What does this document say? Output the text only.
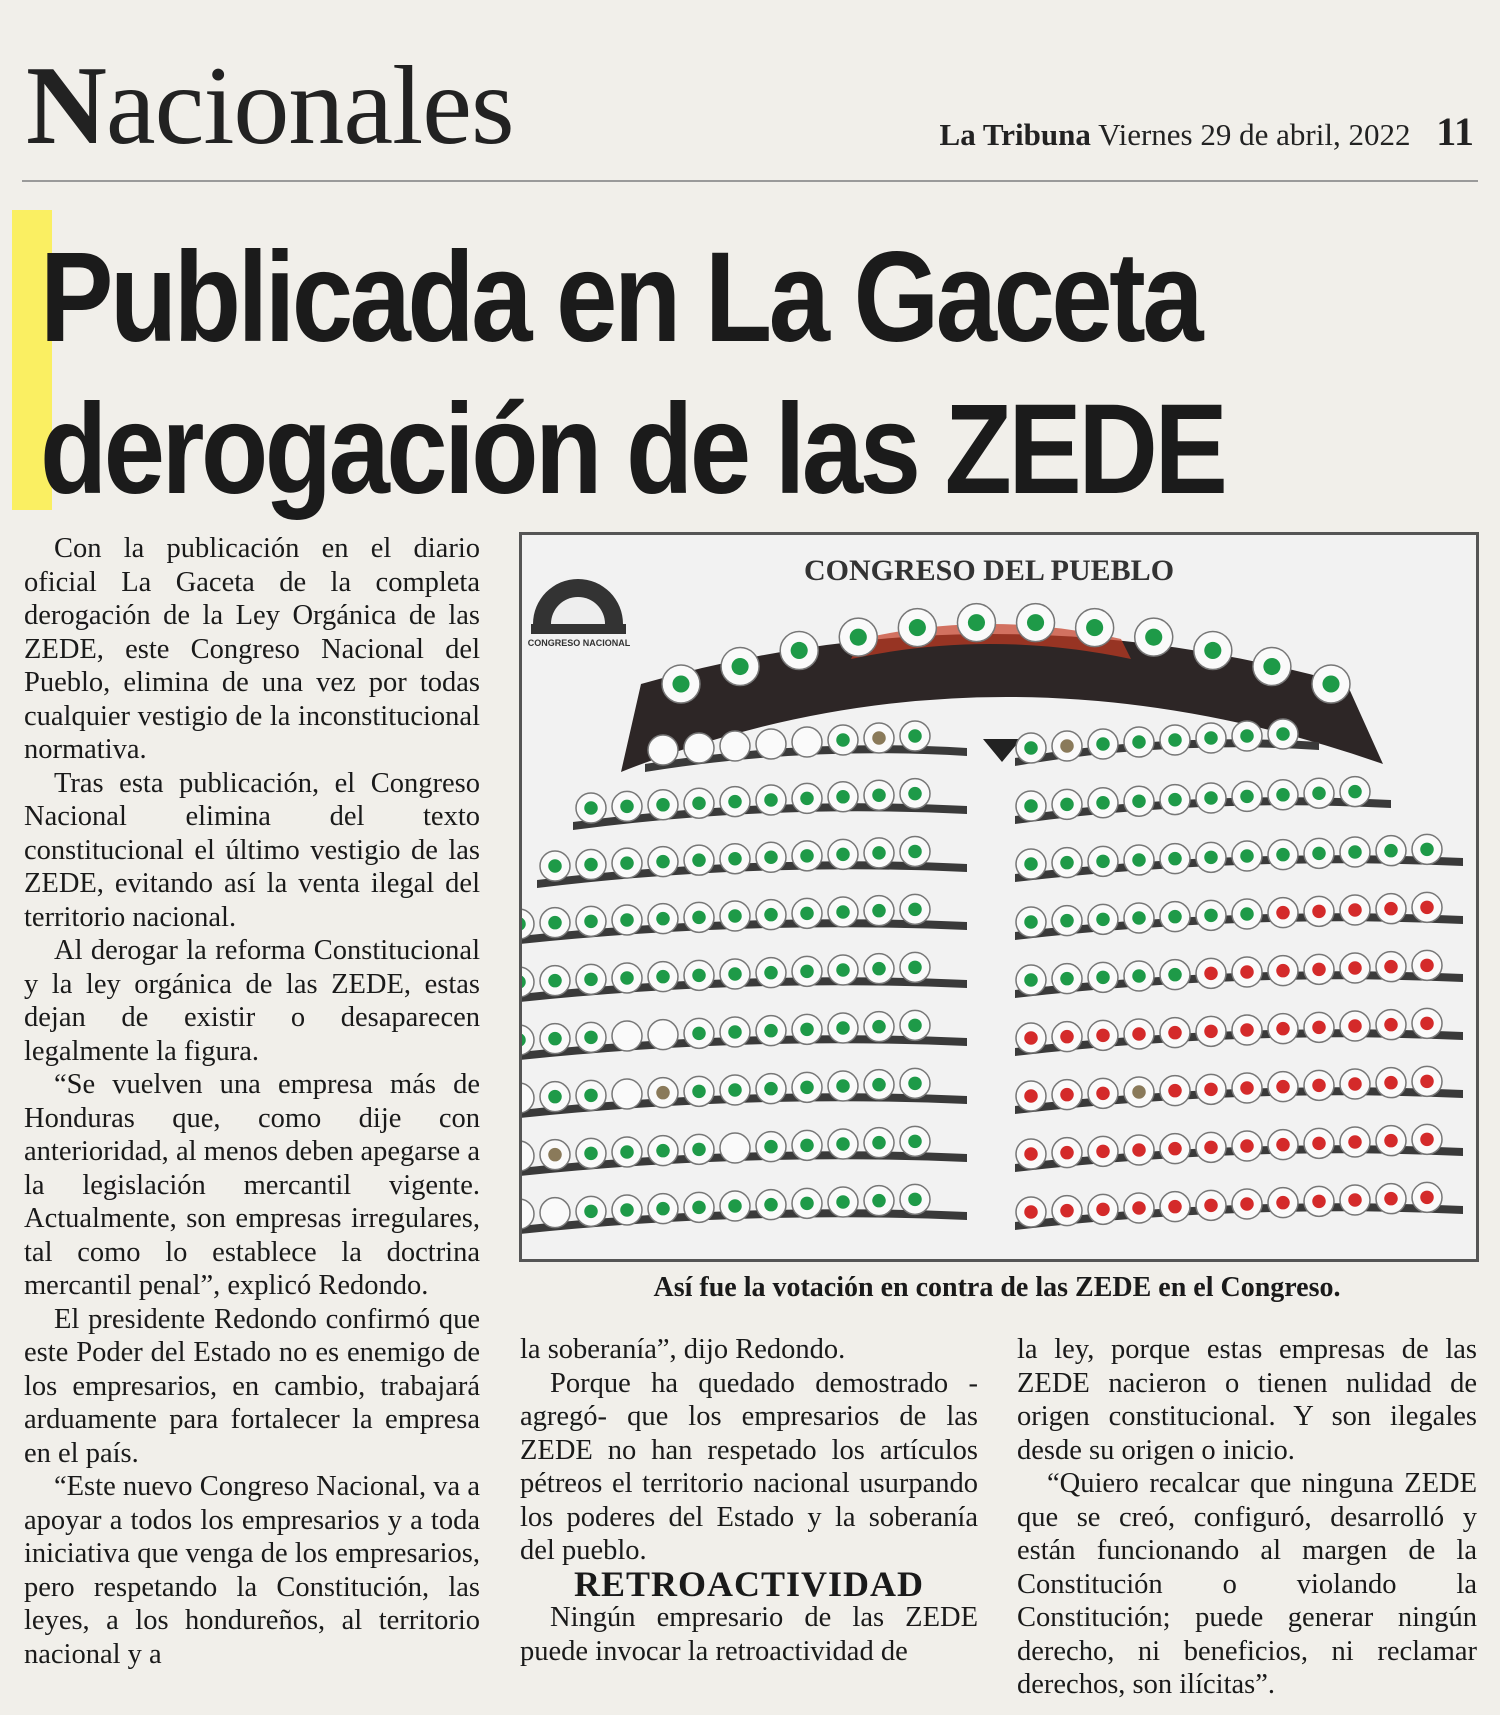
Nacionales	La Tribuna Viernes 29 de abril, 2022 11
Publicada en La Gaceta
derogación de las ZEDE

Con la publicación en el diario oficial La Gaceta de la completa derogación de la Ley Orgánica de las ZEDE, este Congreso Nacional del Pueblo, elimina de una vez por todas cualquier vestigio de la inconstitucional normativa.

Tras esta publicación, el Congreso Nacional elimina del texto constitucional el último vestigio de las ZEDE, evitando así la venta ilegal del territorio nacional.

Al derogar la reforma Constitucional y la ley orgánica de las ZEDE, estas dejan de existir o desaparecen legalmente la figura.

“Se vuelven una empresa más de Honduras que, como dije con anterioridad, al menos deben apegarse a la legislación mercantil vigente. Actualmente, son empresas irregulares, tal como lo establece la doctrina mercantil penal”, explicó Redondo.

El presidente Redondo confirmó que este Poder del Estado no es enemigo de los empresarios, en cambio, trabajará arduamente para fortalecer la empresa en el país.

“Este nuevo Congreso Nacional, va a apoyar a todos los empresarios y a toda iniciativa que venga de los empresarios, pero respetando la Constitución, las leyes, a los hondureños, al territorio nacional y a

CONGRESO NACIONAL
CONGRESO DEL PUEBLO
Así fue la votación en contra de las ZEDE en el Congreso.

la soberanía”, dijo Redondo.

Porque ha quedado demostrado -agregó- que los empresarios de las ZEDE no han respetado los artículos pétreos el territorio nacional usurpando los poderes del Estado y la soberanía del pueblo.

RETROACTIVIDAD

Ningún empresario de las ZEDE puede invocar la retroactividad de

la ley, porque estas empresas de las ZEDE nacieron o tienen nulidad de origen constitucional. Y son ilegales desde su origen o inicio.

“Quiero recalcar que ninguna ZEDE que se creó, configuró, desarrolló y están funcionando al margen de la Constitución o violando la Constitución; puede generar ningún derecho, ni beneficios, ni reclamar derechos, son ilícitas”.
